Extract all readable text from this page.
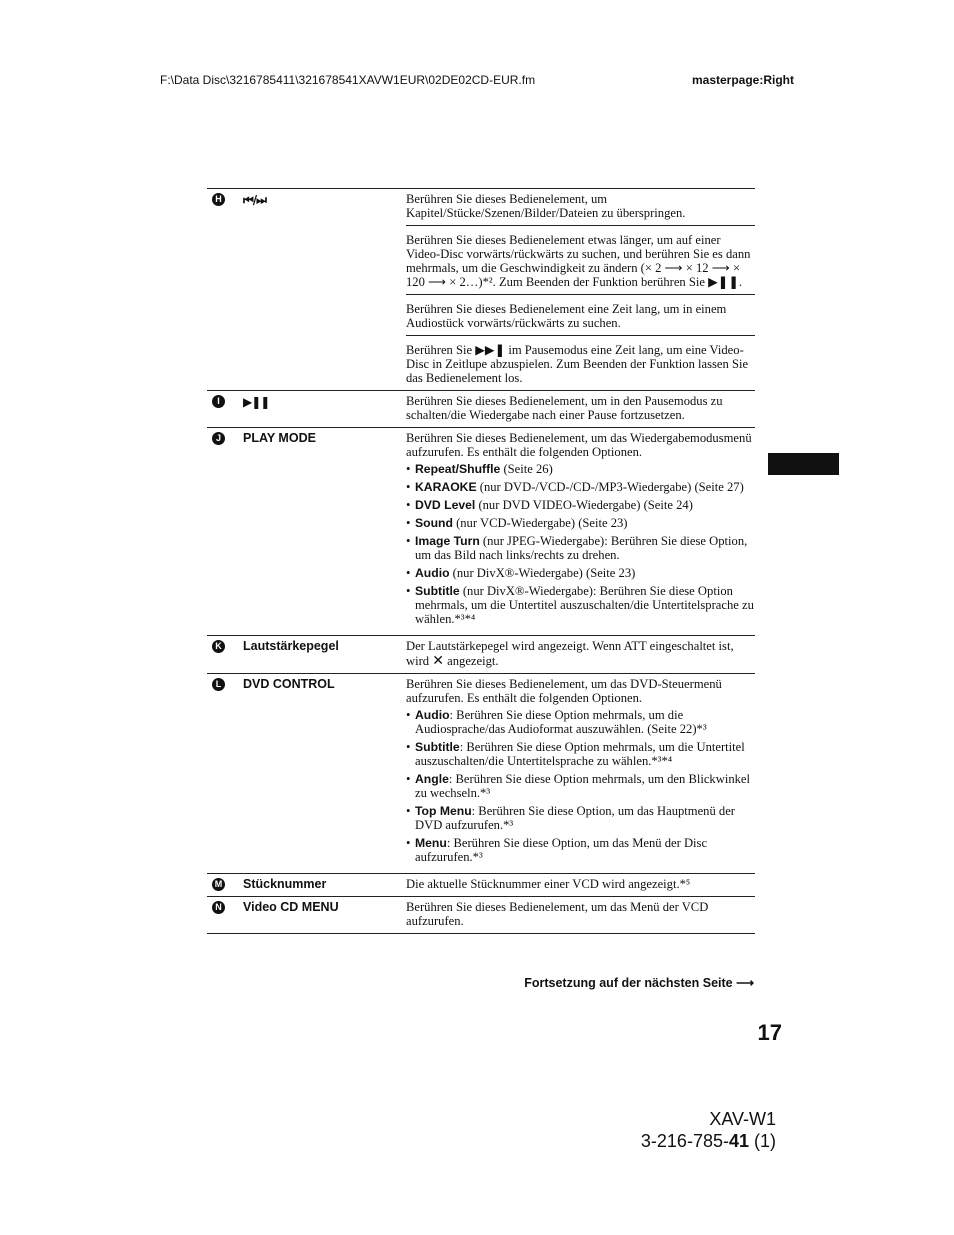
F:\Data Disc\3216785411\321678541XAVW1EUR\02DE02CD-EUR.fm	masterpage:Right
H ⏮/⏭	Berühren Sie dieses Bedienelement, um Kapitel/Stücke/Szenen/Bilder/Dateien zu überspringen.
Berühren Sie dieses Bedienelement etwas länger, um auf einer Video-Disc vorwärts/rückwärts zu suchen, und berühren Sie es dann mehrmals, um die Geschwindigkeit zu ändern (× 2 ⟶ × 12 ⟶ × 120 ⟶ × 2…)*². Zum Beenden der Funktion berühren Sie ▶❚❚.
Berühren Sie dieses Bedienelement eine Zeit lang, um in einem Audiostück vorwärts/rückwärts zu suchen.
Berühren Sie ▶▶❚ im Pausemodus eine Zeit lang, um eine Video-Disc in Zeitlupe abzuspielen. Zum Beenden der Funktion lassen Sie das Bedienelement los.
I	▶❚❚	Berühren Sie dieses Bedienelement, um in den Pausemodus zu schalten/die Wiedergabe nach einer Pause fortzusetzen.
J	PLAY MODE	Berühren Sie dieses Bedienelement, um das Wiedergabemodusmenü aufzurufen. Es enthält die folgenden Optionen.
• Repeat/Shuffle (Seite 26)
• KARAOKE (nur DVD-/VCD-/CD-/MP3-Wiedergabe) (Seite 27)
• DVD Level (nur DVD VIDEO-Wiedergabe) (Seite 24)
• Sound (nur VCD-Wiedergabe) (Seite 23)
• Image Turn (nur JPEG-Wiedergabe): Berühren Sie diese Option, um das Bild nach links/rechts zu drehen.
• Audio (nur DivX®-Wiedergabe) (Seite 23)
• Subtitle (nur DivX®-Wiedergabe): Berühren Sie diese Option mehrmals, um die Untertitel auszuschalten/die Untertitelsprache zu wählen.*³*⁴
K Lautstärkepegel	Der Lautstärkepegel wird angezeigt. Wenn ATT eingeschaltet ist, wird ✕ angezeigt.
L	DVD CONTROL	Berühren Sie dieses Bedienelement, um das DVD-Steuermenü aufzurufen. Es enthält die folgenden Optionen.
• Audio: Berühren Sie diese Option mehrmals, um die Audiosprache/das Audioformat auszuwählen. (Seite 22)*³
• Subtitle: Berühren Sie diese Option mehrmals, um die Untertitel auszuschalten/die Untertitelsprache zu wählen.*³*⁴
• Angle: Berühren Sie diese Option mehrmals, um den Blickwinkel zu wechseln.*³
• Top Menu: Berühren Sie diese Option, um das Hauptmenü der DVD aufzurufen.*³
• Menu: Berühren Sie diese Option, um das Menü der Disc aufzurufen.*³
M Stücknummer	Die aktuelle Stücknummer einer VCD wird angezeigt.*⁵
N Video CD MENU	Berühren Sie dieses Bedienelement, um das Menü der VCD aufzurufen.
Fortsetzung auf der nächsten Seite ⟶
17
XAV-W1
3-216-785-41 (1)
